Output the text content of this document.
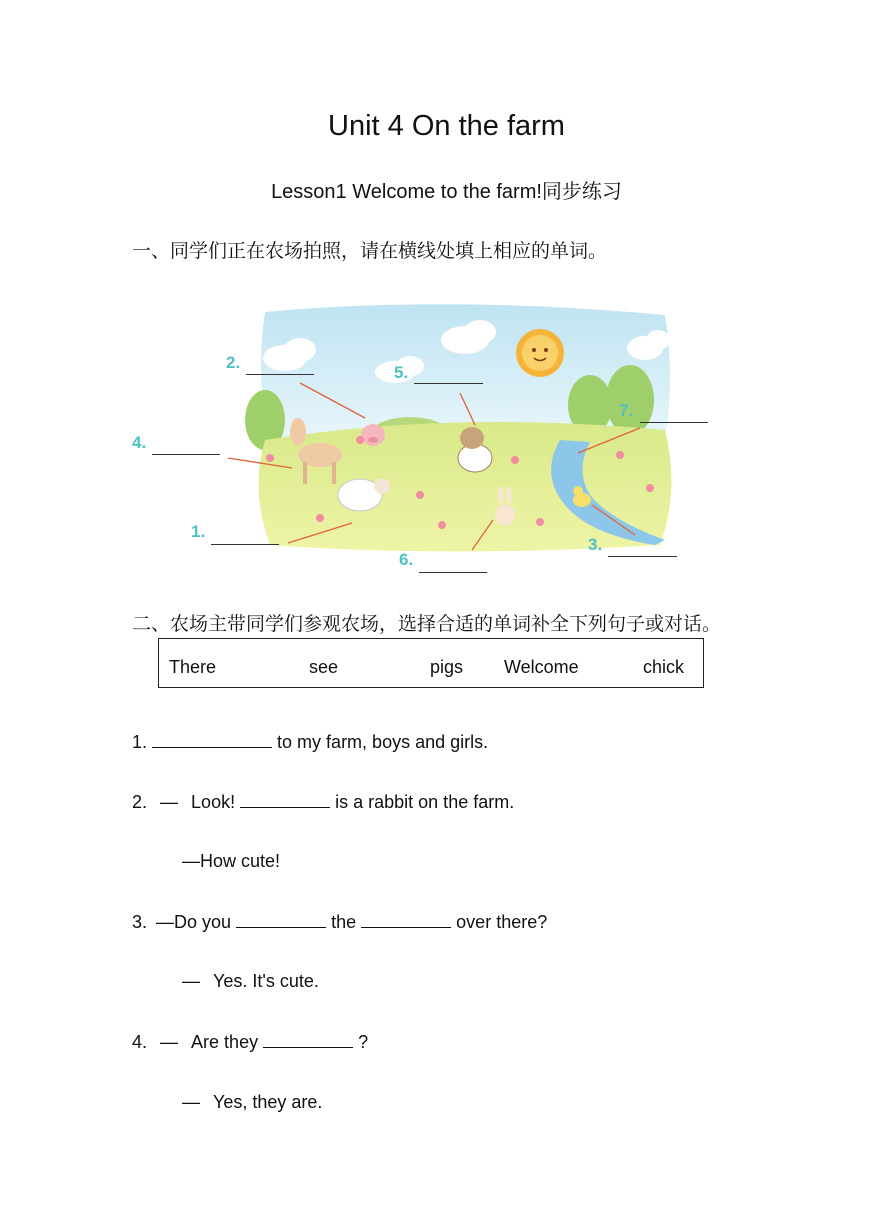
Unit 4 On the farm
Lesson1 Welcome to the farm!同步练习
一、同学们正在农场拍照，请在横线处填上相应的单词。
1.
2.
3.
4.
5.
6.
7.
二、农场主带同学们参观农场，选择合适的单词补全下列句子或对话。
There	see	pigs Welcome	chick
1.	to my farm, boys and girls.
2. — Look!	is a rabbit on the farm.
—How cute!
3. —Do you	the	over there?
— Yes. It's cute.
4. — Are they	?
— Yes, they are.
